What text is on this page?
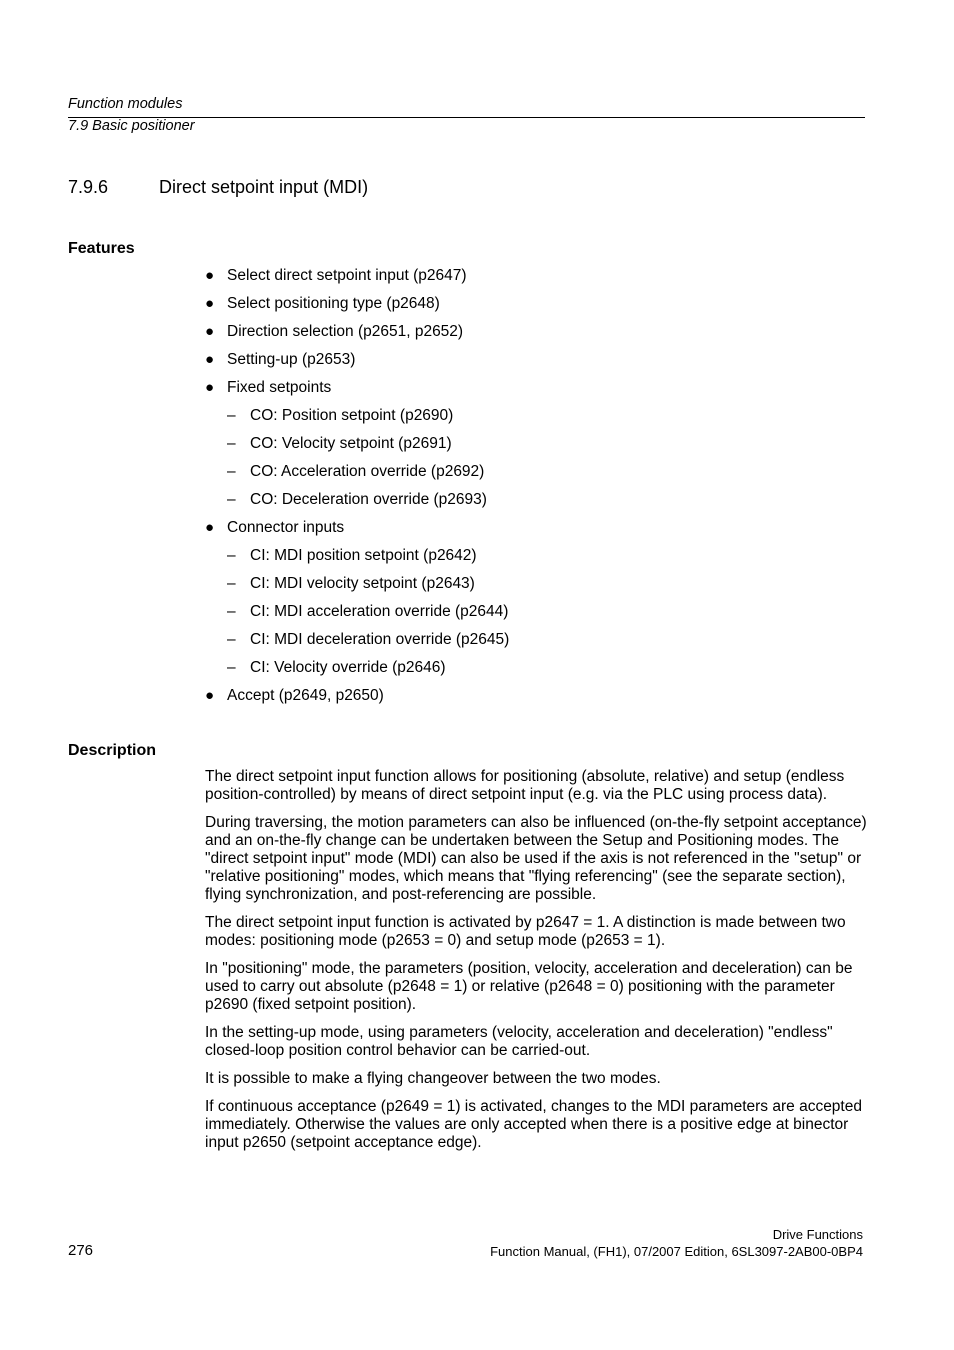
Function modules
7.9 Basic positioner
7.9.6	Direct setpoint input (MDI)
Features
● Select direct setpoint input (p2647)
● Select positioning type (p2648)
● Direction selection (p2651, p2652)
● Setting-up (p2653)
● Fixed setpoints
– CO: Position setpoint (p2690)
– CO: Velocity setpoint (p2691)
– CO: Acceleration override (p2692)
– CO: Deceleration override (p2693)
● Connector inputs
– CI: MDI position setpoint (p2642)
– CI: MDI velocity setpoint (p2643)
– CI: MDI acceleration override (p2644)
– CI: MDI deceleration override (p2645)
– CI: Velocity override (p2646)
● Accept (p2649, p2650)
Description

The direct setpoint input function allows for positioning (absolute, relative) and setup (endless position-controlled) by means of direct setpoint input (e.g. via the PLC using process data).

During traversing, the motion parameters can also be influenced (on-the-fly setpoint acceptance) and an on-the-fly change can be undertaken between the Setup and Positioning modes. The "direct setpoint input" mode (MDI) can also be used if the axis is not referenced in the "setup" or "relative positioning" modes, which means that "flying referencing" (see the separate section), flying synchronization, and post-referencing are possible.

The direct setpoint input function is activated by p2647 = 1. A distinction is made between two modes: positioning mode (p2653 = 0) and setup mode (p2653 = 1).

In "positioning" mode, the parameters (position, velocity, acceleration and deceleration) can be used to carry out absolute (p2648 = 1) or relative (p2648 = 0) positioning with the parameter p2690 (fixed setpoint position).

In the setting-up mode, using parameters (velocity, acceleration and deceleration) "endless" closed-loop position control behavior can be carried-out.

It is possible to make a flying changeover between the two modes.

If continuous acceptance (p2649 = 1) is activated, changes to the MDI parameters are accepted immediately. Otherwise the values are only accepted when there is a positive edge at binector input p2650 (setpoint acceptance edge).

276
Drive Functions
Function Manual, (FH1), 07/2007 Edition, 6SL3097-2AB00-0BP4
